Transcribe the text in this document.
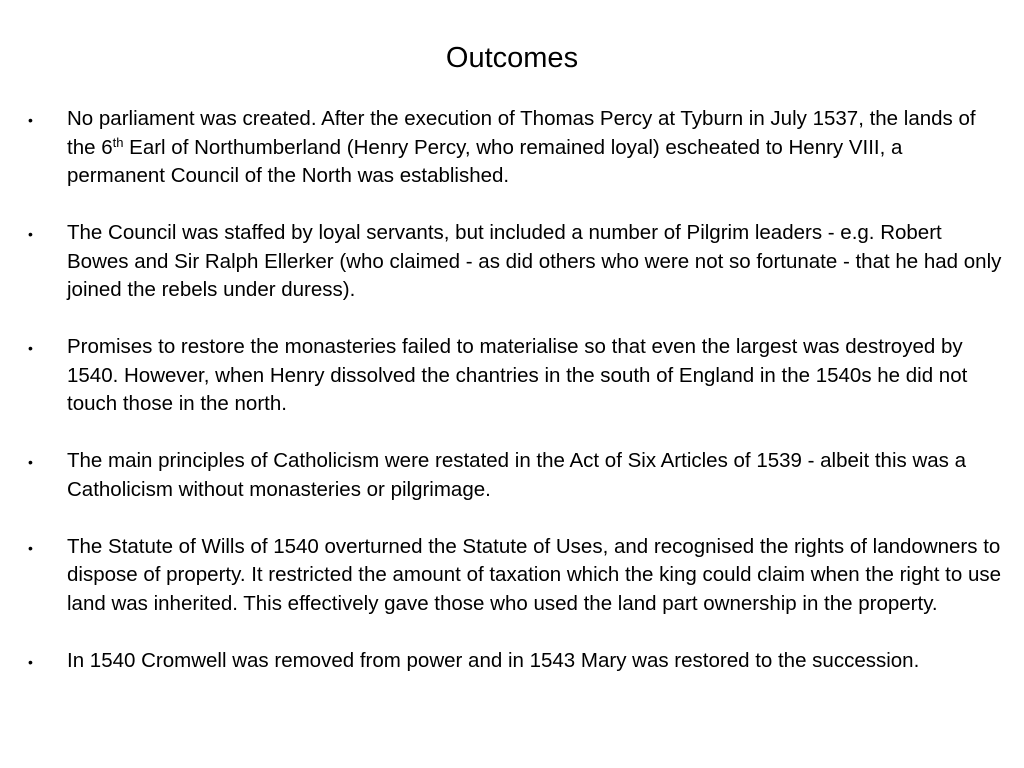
Outcomes
• No parliament was created. After the execution of Thomas Percy at Tyburn in July 1537, the lands of the 6th Earl of Northumberland (Henry Percy, who remained loyal) escheated to Henry VIII, a permanent Council of the North was established.
• The Council was staffed by loyal servants, but included a number of Pilgrim leaders - e.g. Robert Bowes and Sir Ralph Ellerker (who claimed - as did others who were not so fortunate - that he had only joined the rebels under duress).
• Promises to restore the monasteries failed to materialise so that even the largest was destroyed by 1540. However, when Henry dissolved the chantries in the south of England in the 1540s he did not touch those in the north.
• The main principles of Catholicism were restated in the Act of Six Articles of 1539 - albeit this was a Catholicism without monasteries or pilgrimage.
• The Statute of Wills of 1540 overturned the Statute of Uses, and recognised the rights of landowners to dispose of property. It restricted the amount of taxation which the king could claim when the right to use land was inherited. This effectively gave those who used the land part ownership in the property.
• In 1540 Cromwell was removed from power and in 1543 Mary was restored to the succession.
